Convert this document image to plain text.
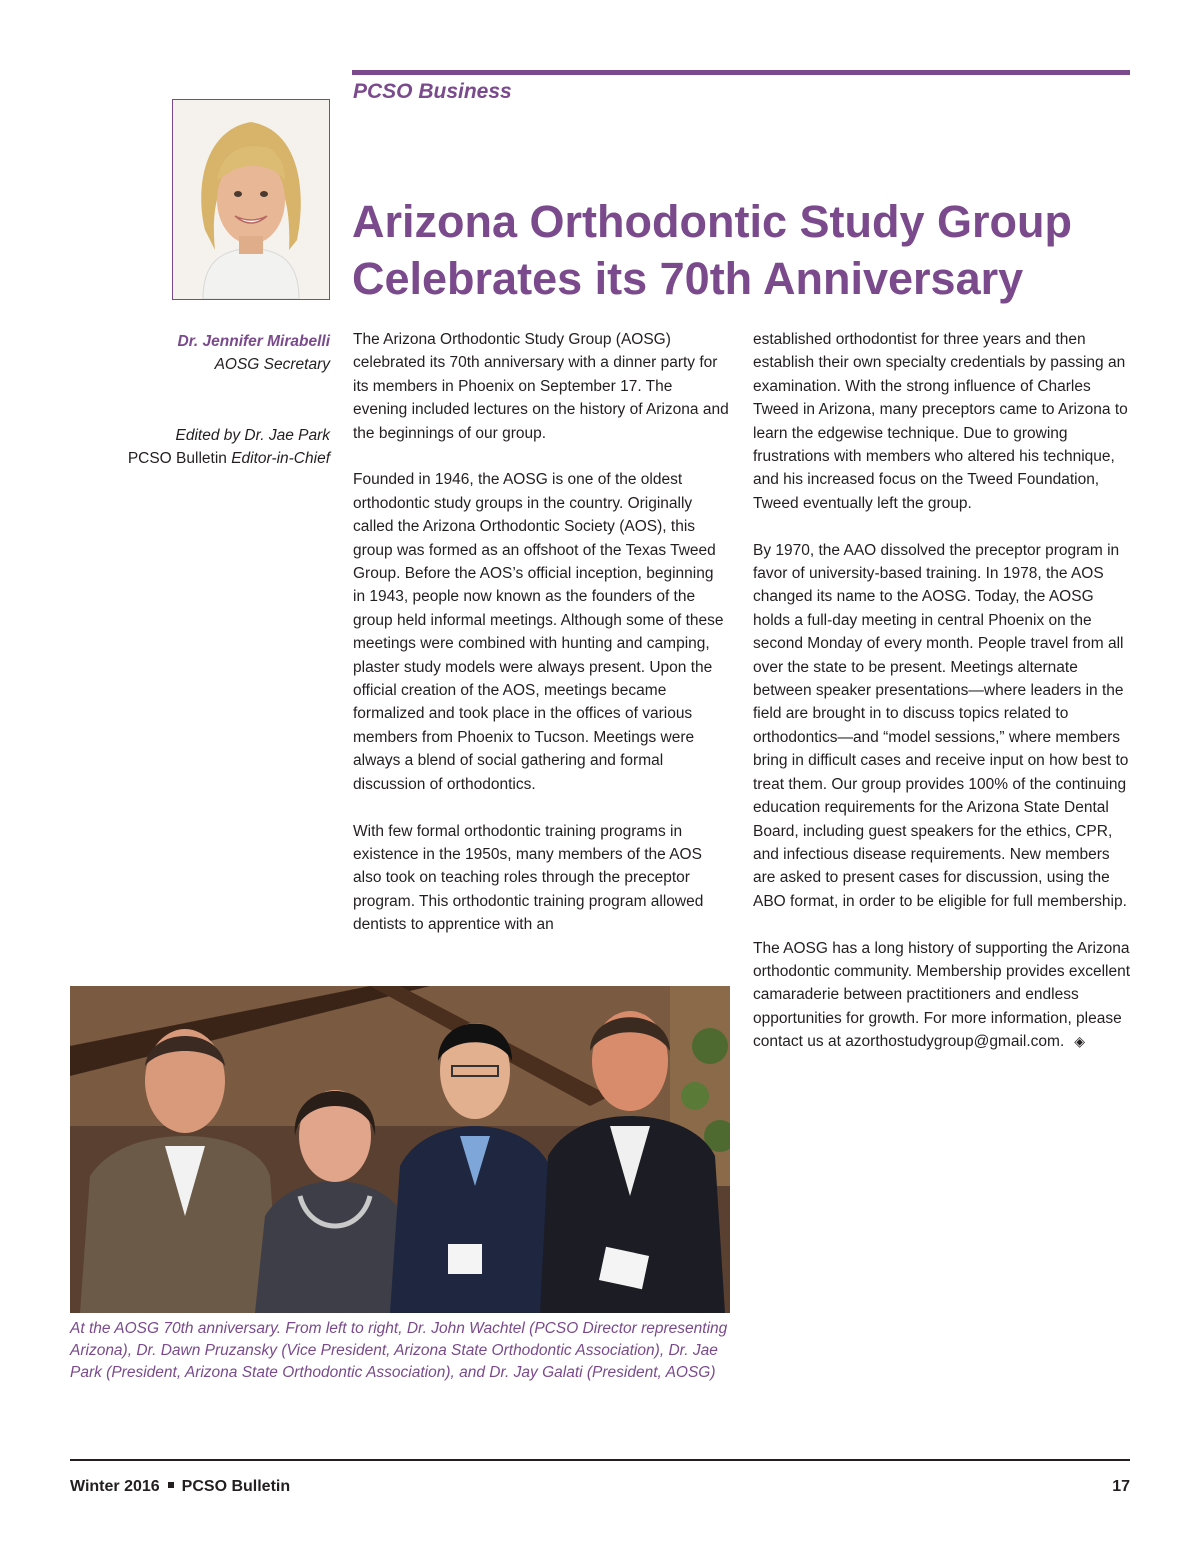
PCSO Business
Arizona Orthodontic Study Group
Celebrates its 70th Anniversary
Dr. Jennifer Mirabelli
AOSG Secretary
Edited by Dr. Jae Park
PCSO Bulletin Editor-in-Chief

The Arizona Orthodontic Study Group (AOSG) celebrated its 70th anniversary with a dinner party for its members in Phoenix on September 17. The evening included lectures on the history of Arizona and the beginnings of our group.

Founded in 1946, the AOSG is one of the oldest orthodontic study groups in the country. Originally called the Arizona Orthodontic Society (AOS), this group was formed as an offshoot of the Texas Tweed Group. Before the AOS’s official inception, beginning in 1943, people now known as the founders of the group held informal meetings. Although some of these meetings were combined with hunting and camping, plaster study models were always present. Upon the official creation of the AOS, meetings became formalized and took place in the offices of various members from Phoenix to Tucson. Meetings were always a blend of social gathering and formal discussion of orthodontics.

With few formal orthodontic training programs in existence in the 1950s, many members of the AOS also took on teaching roles through the preceptor program. This orthodontic training program allowed dentists to apprentice with an

established orthodontist for three years and then establish their own specialty credentials by passing an examination. With the strong influence of Charles Tweed in Arizona, many preceptors came to Arizona to learn the edgewise technique. Due to growing frustrations with members who altered his technique, and his increased focus on the Tweed Foundation, Tweed eventually left the group.

By 1970, the AAO dissolved the preceptor program in favor of university-based training. In 1978, the AOS changed its name to the AOSG. Today, the AOSG holds a full-day meeting in central Phoenix on the second Monday of every month. People travel from all over the state to be present. Meetings alternate between speaker presentations—where leaders in the field are brought in to discuss topics related to orthodontics—and “model sessions,” where members bring in difficult cases and receive input on how best to treat them. Our group provides 100% of the continuing education requirements for the Arizona State Dental Board, including guest speakers for the ethics, CPR, and infectious disease requirements. New members are asked to present cases for discussion, using the ABO format, in order to be eligible for full membership.

The AOSG has a long history of supporting the Arizona orthodontic community. Membership provides excellent camaraderie between practitioners and endless opportunities for growth. For more information, please contact us at azorthostudygroup@gmail.com. ◈

At the AOSG 70th anniversary. From left to right, Dr. John Wachtel (PCSO Director representing Arizona), Dr. Dawn Pruzansky (Vice President, Arizona State Orthodontic Association), Dr. Jae Park (President, Arizona State Orthodontic Association), and Dr. Jay Galati (President, AOSG)

Winter 2016 PCSO Bulletin	17
